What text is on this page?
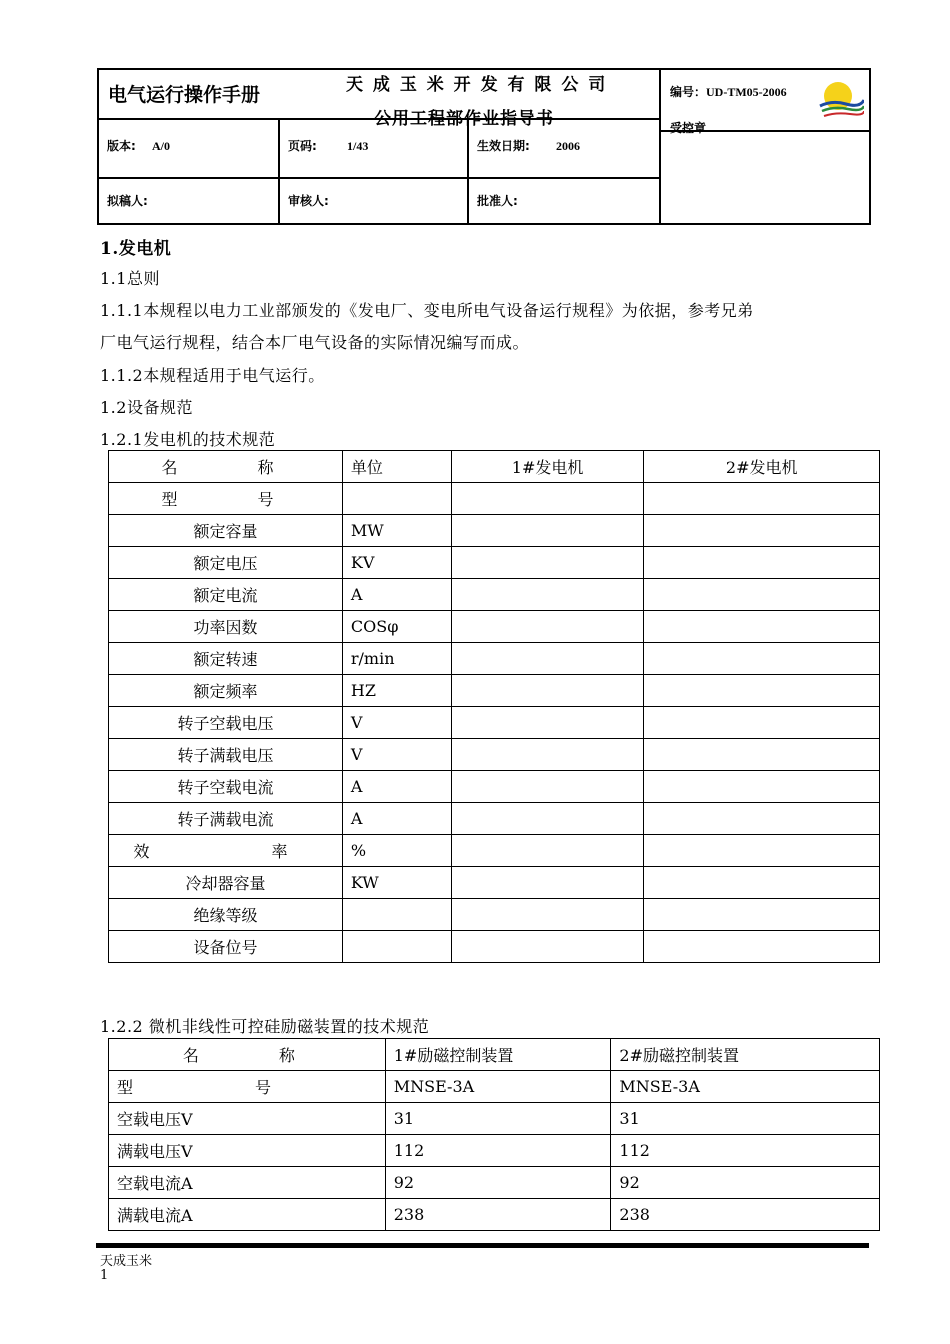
电气运行操作手册	天 成 玉 米 开 发 有 限 公 司
公用工程部作业指导书
编号：UD-TM05-2006
受控章
版本: A/0	页码:	1/43	生效日期: 2006
拟稿人:	审核人:	批准人:
1.发电机
1.1总则
1.1.1本规程以电力工业部颁发的《发电厂、变电所电气设备运行规程》为依据，参考兄弟
厂电气运行规程，结合本厂电气设备的实际情况编写而成。
1.1.2本规程适用于电气运行。
1.2设备规范
1.2.1发电机的技术规范
名　　称	单位	1#发电机	2#发电机
型　　号			
额定容量	MW		
额定电压	KV		
额定电流	A		
功率因数	COSφ		
额定转速	r/min		
额定频率	HZ		
转子空载电压	V		
转子满载电压	V		
转子空载电流	A		
转子满载电流	A		
效　　率	%		
冷却器容量	KW		
绝缘等级			
设备位号			
1.2.2 微机非线性可控硅励磁装置的技术规范
名　　称	1#励磁控制装置	2#励磁控制装置
型　　号	MNSE-3A	MNSE-3A
空载电压V	31	31
满载电压V	112	112
空载电流A	92	92
满载电流A	238	238
天成玉米
1
